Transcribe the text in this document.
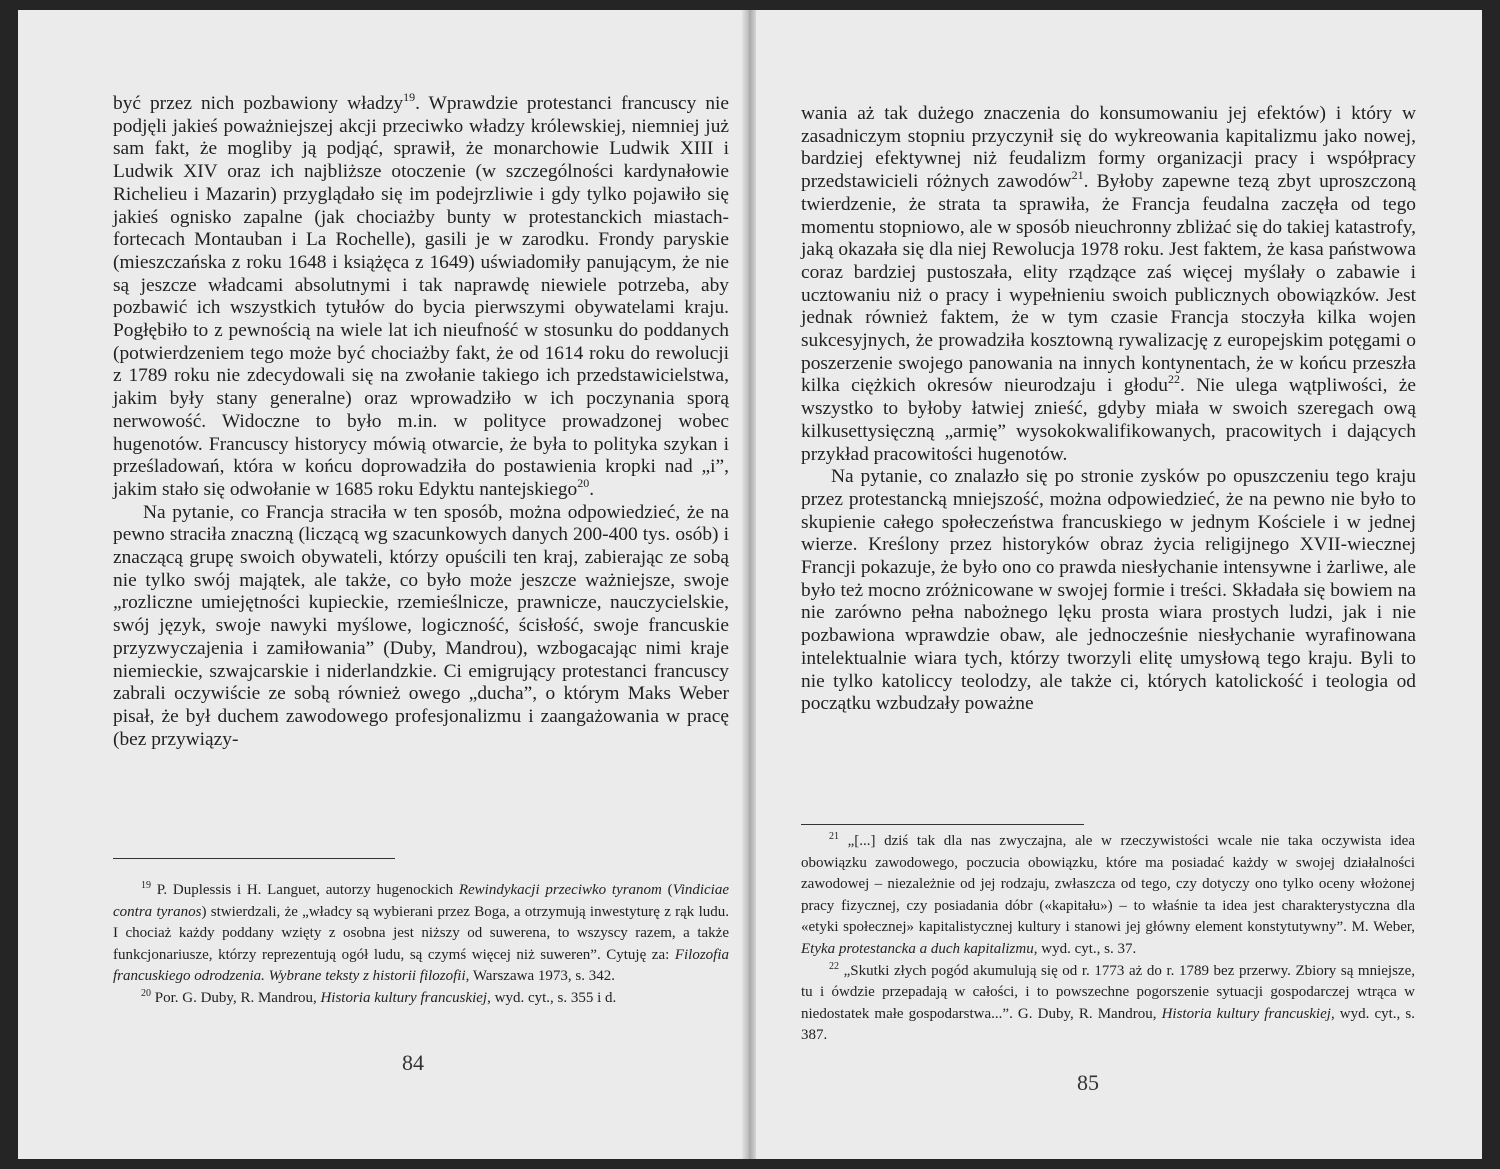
być przez nich pozbawiony władzy$^{19}$. Wprawdzie protestanci francuscy nie podjęli jakieś poważniejszej akcji przeciwko władzy królewskiej, niemniej już sam fakt, że mogliby ją podjąć, sprawił, że monarchowie Ludwik XIII i Ludwik XIV oraz ich najbliższe otoczenie (w szczególności kardynałowie Richelieu i Mazarin) przyglądało się im podejrzliwie i gdy tylko pojawiło się jakieś ognisko zapalne (jak chociażby bunty w protestanckich miastach-fortecach Montauban i La Rochelle), gasili je w zarodku. Frondy paryskie (mieszczańska z roku 1648 i książęca z 1649) uświadomiły panującym, że nie są jeszcze władcami absolutnymi i tak naprawdę niewiele potrzeba, aby pozbawić ich wszystkich tytułów do bycia pierwszymi obywatelami kraju. Pogłębiło to z pewnością na wiele lat ich nieufność w stosunku do poddanych (potwierdzeniem tego może być chociażby fakt, że od 1614 roku do rewolucji z 1789 roku nie zdecydowali się na zwołanie takiego ich przedstawicielstwa, jakim były stany generalne) oraz wprowadziło w ich poczynania sporą nerwowość. Widoczne to było m.in. w polityce prowadzonej wobec hugenotów. Francuscy historycy mówią otwarcie, że była to polityka szykan i prześladowań, która w końcu doprowadziła do postawienia kropki nad „i”, jakim stało się odwołanie w 1685 roku Edyktu nantejskiego$^{20}$.

Na pytanie, co Francja straciła w ten sposób, można odpowiedzieć, że na pewno straciła znaczną (liczącą wg szacunkowych danych 200-400 tys. osób) i znaczącą grupę swoich obywateli, którzy opuścili ten kraj, zabierając ze sobą nie tylko swój majątek, ale także, co było może jeszcze ważniejsze, swoje „rozliczne umiejętności kupieckie, rzemieślnicze, prawnicze, nauczycielskie, swój język, swoje nawyki myślowe, logiczność, ścisłość, swoje francuskie przyzwyczajenia i zamiłowania” (Duby, Mandrou), wzbogacając nimi kraje niemieckie, szwajcarskie i niderlandzkie. Ci emigrujący protestanci francuscy zabrali oczywiście ze sobą również owego „ducha”, o którym Maks Weber pisał, że był duchem zawodowego profesjonalizmu i zaangażowania w pracę (bez przywiązy-

$^{19}$ P. Duplessis i H. Languet, autorzy hugenockich Rewindykacji przeciwko tyranom (Vindiciae contra tyranos) stwierdzali, że „władcy są wybierani przez Boga, a otrzymują inwestyturę z rąk ludu. I chociaż każdy poddany wzięty z osobna jest niższy od suwerena, to wszyscy razem, a także funkcjonariusze, którzy reprezentują ogół ludu, są czymś więcej niż suweren”. Cytuję za: Filozofia francuskiego odrodzenia. Wybrane teksty z historii filozofii, Warszawa 1973, s. 342.

$^{20}$ Por. G. Duby, R. Mandrou, Historia kultury francuskiej, wyd. cyt., s. 355 i d.

84

wania aż tak dużego znaczenia do konsumowaniu jej efektów) i który w zasadniczym stopniu przyczynił się do wykreowania kapitalizmu jako nowej, bardziej efektywnej niż feudalizm formy organizacji pracy i współpracy przedstawicieli różnych zawodów$^{21}$. Byłoby zapewne tezą zbyt uproszczoną twierdzenie, że strata ta sprawiła, że Francja feudalna zaczęła od tego momentu stopniowo, ale w sposób nieuchronny zbliżać się do takiej katastrofy, jaką okazała się dla niej Rewolucja 1978 roku. Jest faktem, że kasa państwowa coraz bardziej pustoszała, elity rządzące zaś więcej myślały o zabawie i ucztowaniu niż o pracy i wypełnieniu swoich publicznych obowiązków. Jest jednak również faktem, że w tym czasie Francja stoczyła kilka wojen sukcesyjnych, że prowadziła kosztowną rywalizację z europejskim potęgami o poszerzenie swojego panowania na innych kontynentach, że w końcu przeszła kilka ciężkich okresów nieurodzaju i głodu$^{22}$. Nie ulega wątpliwości, że wszystko to byłoby łatwiej znieść, gdyby miała w swoich szeregach ową kilkusettysięczną „armię” wysokokwalifikowanych, pracowitych i dających przykład pracowitości hugenotów.

Na pytanie, co znalazło się po stronie zysków po opuszczeniu tego kraju przez protestancką mniejszość, można odpowiedzieć, że na pewno nie było to skupienie całego społeczeństwa francuskiego w jednym Kościele i w jednej wierze. Kreślony przez historyków obraz życia religijnego XVII-wiecznej Francji pokazuje, że było ono co prawda niesłychanie intensywne i żarliwe, ale było też mocno zróżnicowane w swojej formie i treści. Składała się bowiem na nie zarówno pełna nabożnego lęku prosta wiara prostych ludzi, jak i nie pozbawiona wprawdzie obaw, ale jednocześnie niesłychanie wyrafinowana intelektualnie wiara tych, którzy tworzyli elitę umysłową tego kraju. Byli to nie tylko katoliccy teolodzy, ale także ci, których katolickość i teologia od początku wzbudzały poważne

$^{21}$ „[...] dziś tak dla nas zwyczajna, ale w rzeczywistości wcale nie taka oczywista idea obowiązku zawodowego, poczucia obowiązku, które ma posiadać każdy w swojej działalności zawodowej – niezależnie od jej rodzaju, zwłaszcza od tego, czy dotyczy ono tylko oceny włożonej pracy fizycznej, czy posiadania dóbr («kapitału») – to właśnie ta idea jest charakterystyczna dla «etyki społecznej» kapitalistycznej kultury i stanowi jej główny element konstytutywny”. M. Weber, Etyka protestancka a duch kapitalizmu, wyd. cyt., s. 37.

$^{22}$ „Skutki złych pogód akumulują się od r. 1773 aż do r. 1789 bez przerwy. Zbiory są mniejsze, tu i ówdzie przepadają w całości, i to powszechne pogorszenie sytuacji gospodarczej wtrąca w niedostatek małe gospodarstwa...”. G. Duby, R. Mandrou, Historia kultury francuskiej, wyd. cyt., s. 387.

85
